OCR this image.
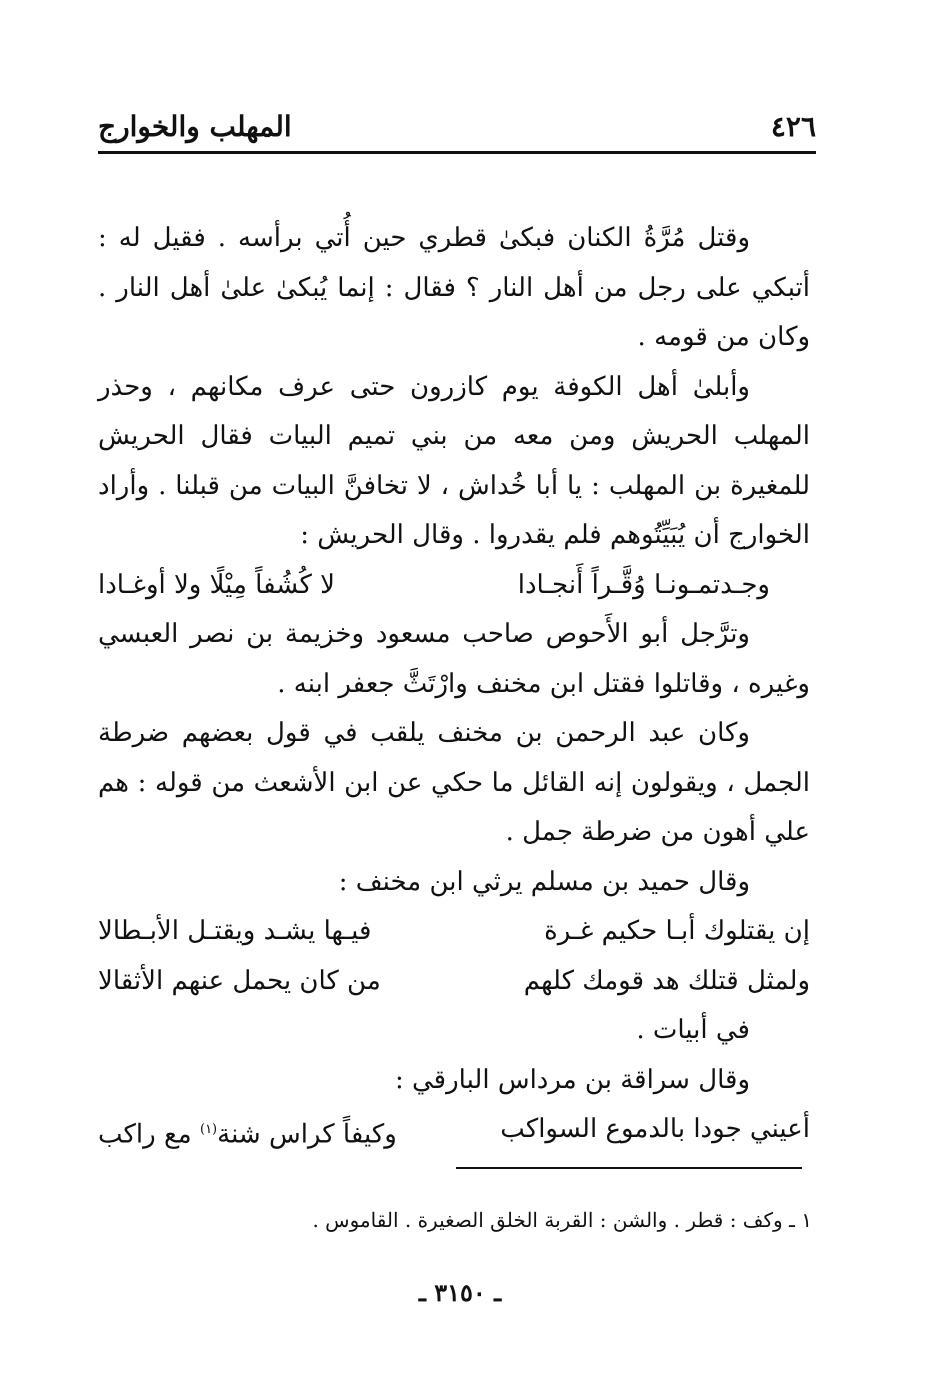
٤٢٦
المهلب والخوارج

وقتل مُرَّةُ الكنان فبكىٰ قطري حين أُتي برأسه . فقيل له : أتبكي على رجل من أهل النار ؟ فقال : إنما يُبكىٰ علىٰ أهل النار . وكان من قومه .

وأبلىٰ أهل الكوفة يوم كازرون حتى عرف مكانهم ، وحذر المهلب الحريش ومن معه من بني تميم البيات فقال الحريش للمغيرة بن المهلب : يا أبا خُداش ، لا تخافنَّ البيات من قبلنا . وأراد الخوارج أن يُبَيِّتُوهم فلم يقدروا . وقال الحريش :

وجـدتمـونـا وُقَّـراً أَنجـادا
لا كُشُفاً مِيْلًا ولا أوغـادا

وترَّجل أبو الأَحوص صاحب مسعود وخزيمة بن نصر العبسي وغيره ، وقاتلوا فقتل ابن مخنف وارْتَثَّ جعفر ابنه .

وكان عبد الرحمن بن مخنف يلقب في قول بعضهم ضرطة الجمل ، ويقولون إنه القائل ما حكي عن ابن الأشعث من قوله : هم علي أهون من ضرطة جمل .

وقال حميد بن مسلم يرثي ابن مخنف :

إن يقتلوك أبـا حكيم غـرة
فيـها يشـد ويقتـل الأبـطالا
ولمثل قتلك هد قومك كلهم
من كان يحمل عنهم الأثقالا

في أبيات .

وقال سراقة بن مرداس البارقي :

أعيني جودا بالدموع السواكب
وكيفاً كراس شنة$^{(١)}$ مع راكب
١ ـ وكف : قطر . والشن : القربة الخلق الصغيرة . القاموس .
ـ ٣١٥٠ ـ
